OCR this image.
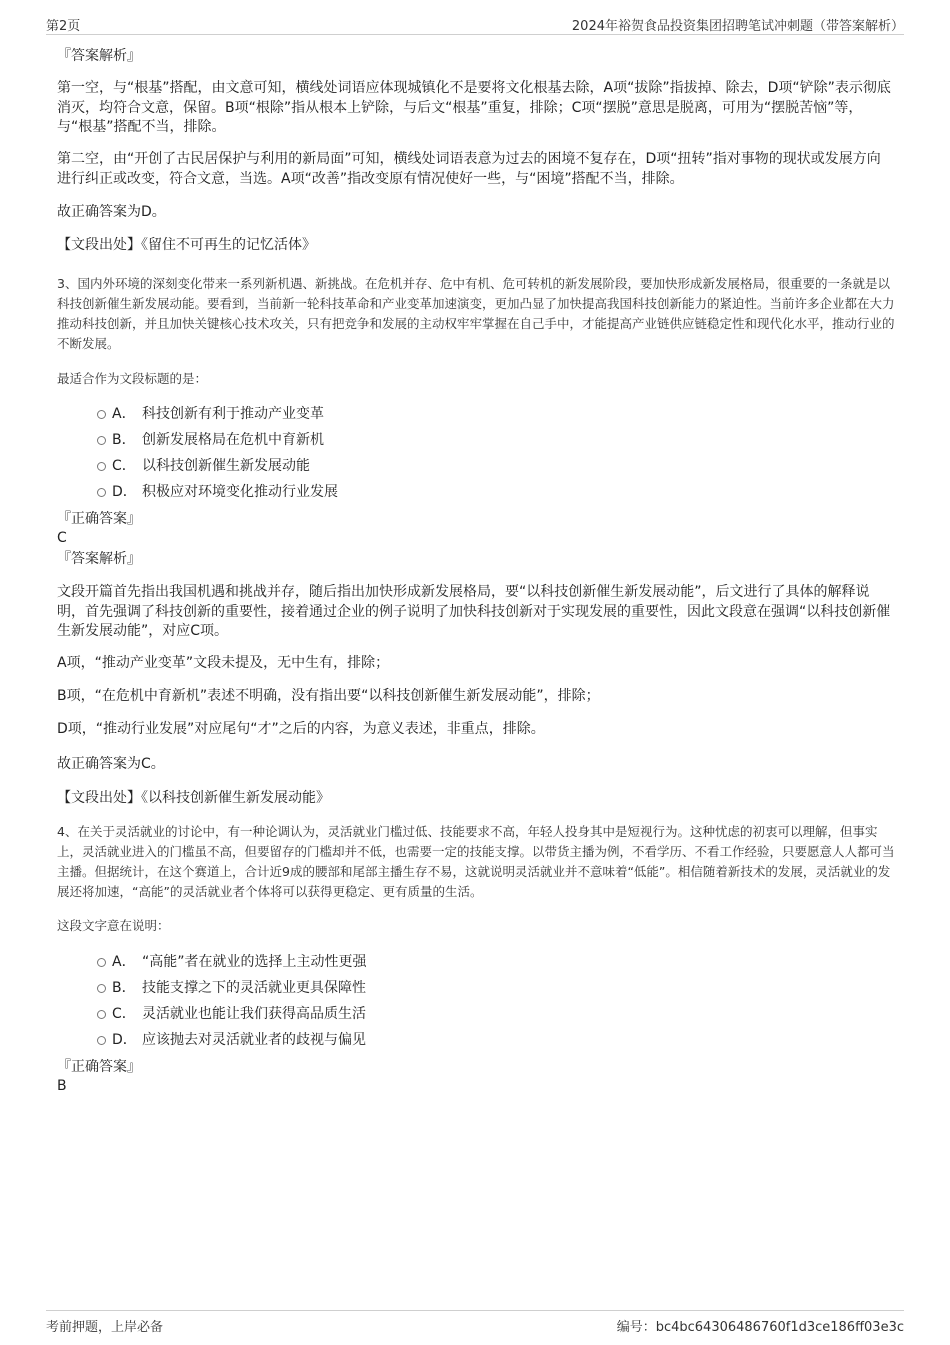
第2页	2024年裕贺食品投资集团招聘笔试冲刺题（带答案解析）
『答案解析』
第一空，与“根基”搭配，由文意可知，横线处词语应体现城镇化不是要将文化根基去除，A项“拔除”指拔掉、除去，D项“铲除”表示彻底消灭，均符合文意，保留。B项“根除”指从根本上铲除，与后文“根基”重复，排除；C项“摆脱”意思是脱离，可用为“摆脱苦恼”等，与“根基”搭配不当，排除。
第二空，由“开创了古民居保护与利用的新局面”可知，横线处词语表意为过去的困境不复存在，D项“扭转”指对事物的现状或发展方向进行纠正或改变，符合文意，当选。A项“改善”指改变原有情况使好一些，与“困境”搭配不当，排除。
故正确答案为D。
【文段出处】《留住不可再生的记忆活体》
3、国内外环境的深刻变化带来一系列新机遇、新挑战。在危机并存、危中有机、危可转机的新发展阶段，要加快形成新发展格局，很重要的一条就是以科技创新催生新发展动能。要看到，当前新一轮科技革命和产业变革加速演变，更加凸显了加快提高我国科技创新能力的紧迫性。当前许多企业都在大力推动科技创新，并且加快关键核心技术攻关，只有把竞争和发展的主动权牢牢掌握在自己手中，才能提高产业链供应链稳定性和现代化水平，推动行业的不断发展。
最适合作为文段标题的是：
A． 科技创新有利于推动产业变革
B． 创新发展格局在危机中育新机
C． 以科技创新催生新发展动能
D． 积极应对环境变化推动行业发展
『正确答案』
C
『答案解析』
文段开篇首先指出我国机遇和挑战并存，随后指出加快形成新发展格局，要“以科技创新催生新发展动能”，后文进行了具体的解释说明，首先强调了科技创新的重要性，接着通过企业的例子说明了加快科技创新对于实现发展的重要性，因此文段意在强调“以科技创新催生新发展动能”，对应C项。
A项，“推动产业变革”文段未提及，无中生有，排除；
B项，“在危机中育新机”表述不明确，没有指出要“以科技创新催生新发展动能”，排除；
D项，“推动行业发展”对应尾句“才”之后的内容，为意义表述，非重点，排除。
故正确答案为C。
【文段出处】《以科技创新催生新发展动能》
4、在关于灵活就业的讨论中，有一种论调认为，灵活就业门槛过低、技能要求不高，年轻人投身其中是短视行为。这种忧虑的初衷可以理解，但事实上，灵活就业进入的门槛虽不高，但要留存的门槛却并不低，也需要一定的技能支撑。以带货主播为例，不看学历、不看工作经验，只要愿意人人都可当主播。但据统计，在这个赛道上，合计近9成的腰部和尾部主播生存不易，这就说明灵活就业并不意味着“低能”。相信随着新技术的发展，灵活就业的发展还将加速，“高能”的灵活就业者个体将可以获得更稳定、更有质量的生活。
这段文字意在说明：
A． “高能”者在就业的选择上主动性更强
B． 技能支撑之下的灵活就业更具保障性
C． 灵活就业也能让我们获得高品质生活
D． 应该抛去对灵活就业者的歧视与偏见
『正确答案』
B
考前押题，上岸必备	编号：bc4bc64306486760f1d3ce186ff03e3c
